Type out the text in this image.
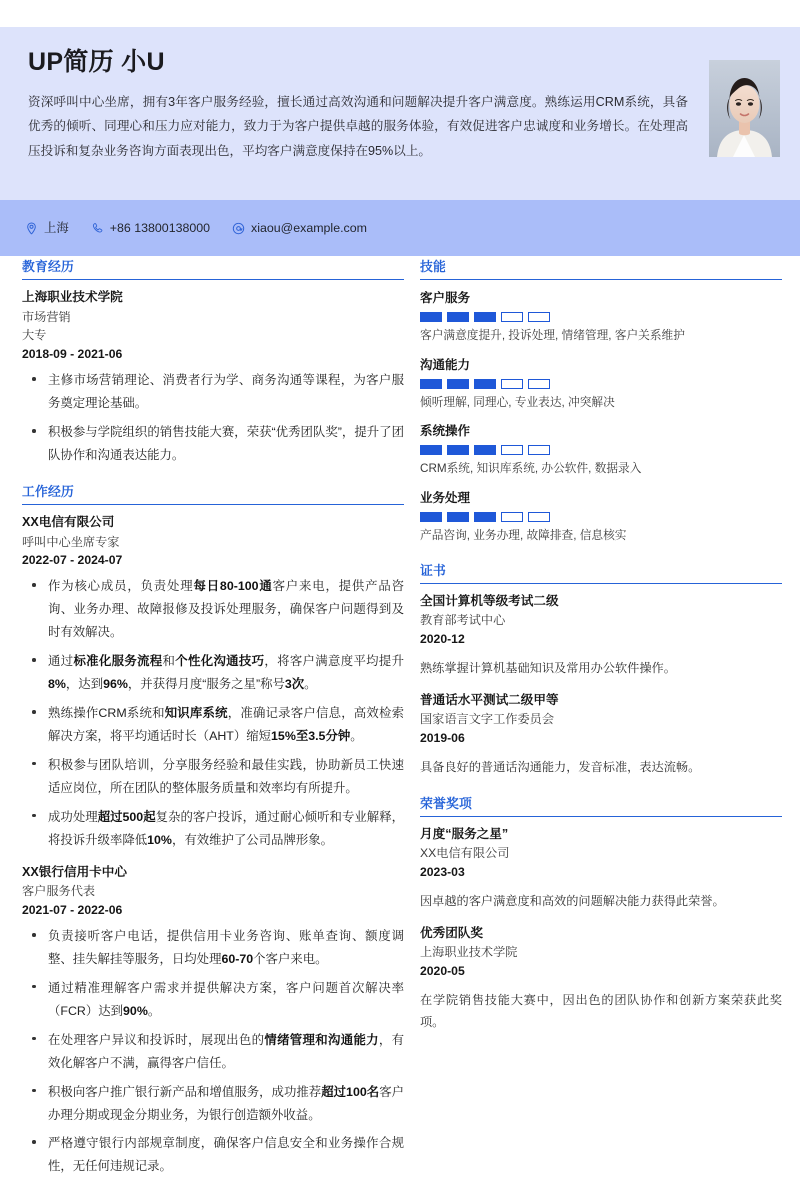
UP简历 小U
资深呼叫中心坐席，拥有3年客户服务经验，擅长通过高效沟通和问题解决提升客户满意度。熟练运用CRM系统，具备优秀的倾听、同理心和压力应对能力，致力于为客户提供卓越的服务体验，有效促进客户忠诚度和业务增长。在处理高压投诉和复杂业务咨询方面表现出色，平均客户满意度保持在95%以上。
上海	+86 13800138000	xiaou@example.com
教育经历
上海职业技术学院
市场营销
大专
2018-09 - 2021-06
主修市场营销理论、消费者行为学、商务沟通等课程，为客户服务奠定理论基础。
积极参与学院组织的销售技能大赛，荣获“优秀团队奖”，提升了团队协作和沟通表达能力。
工作经历
XX电信有限公司
呼叫中心坐席专家
2022-07 - 2024-07
作为核心成员，负责处理每日80-100通客户来电，提供产品咨询、业务办理、故障报修及投诉处理服务，确保客户问题得到及时有效解决。
通过标准化服务流程和个性化沟通技巧，将客户满意度平均提升8%，达到96%，并获得月度“服务之星”称号3次。
熟练操作CRM系统和知识库系统，准确记录客户信息，高效检索解决方案，将平均通话时长（AHT）缩短15%至3.5分钟。
积极参与团队培训，分享服务经验和最佳实践，协助新员工快速适应岗位，所在团队的整体服务质量和效率均有所提升。
成功处理超过500起复杂的客户投诉，通过耐心倾听和专业解释，将投诉升级率降低10%，有效维护了公司品牌形象。
XX银行信用卡中心
客户服务代表
2021-07 - 2022-06
负责接听客户电话，提供信用卡业务咨询、账单查询、额度调整、挂失解挂等服务，日均处理60-70个客户来电。
通过精准理解客户需求并提供解决方案，客户问题首次解决率（FCR）达到90%。
在处理客户异议和投诉时，展现出色的情绪管理和沟通能力，有效化解客户不满，赢得客户信任。
积极向客户推广银行新产品和增值服务，成功推荐超过100名客户办理分期或现金分期业务，为银行创造额外收益。
严格遵守银行内部规章制度，确保客户信息安全和业务操作合规性，无任何违规记录。
技能
客户服务
客户满意度提升, 投诉处理, 情绪管理, 客户关系维护
沟通能力
倾听理解, 同理心, 专业表达, 冲突解决
系统操作
CRM系统, 知识库系统, 办公软件, 数据录入
业务处理
产品咨询, 业务办理, 故障排查, 信息核实
证书
全国计算机等级考试二级
教育部考试中心
2020-12
熟练掌握计算机基础知识及常用办公软件操作。
普通话水平测试二级甲等
国家语言文字工作委员会
2019-06
具备良好的普通话沟通能力，发音标准，表达流畅。
荣誉奖项
月度“服务之星”
XX电信有限公司
2023-03
因卓越的客户满意度和高效的问题解决能力获得此荣誉。
优秀团队奖
上海职业技术学院
2020-05
在学院销售技能大赛中，因出色的团队协作和创新方案荣获此奖项。
